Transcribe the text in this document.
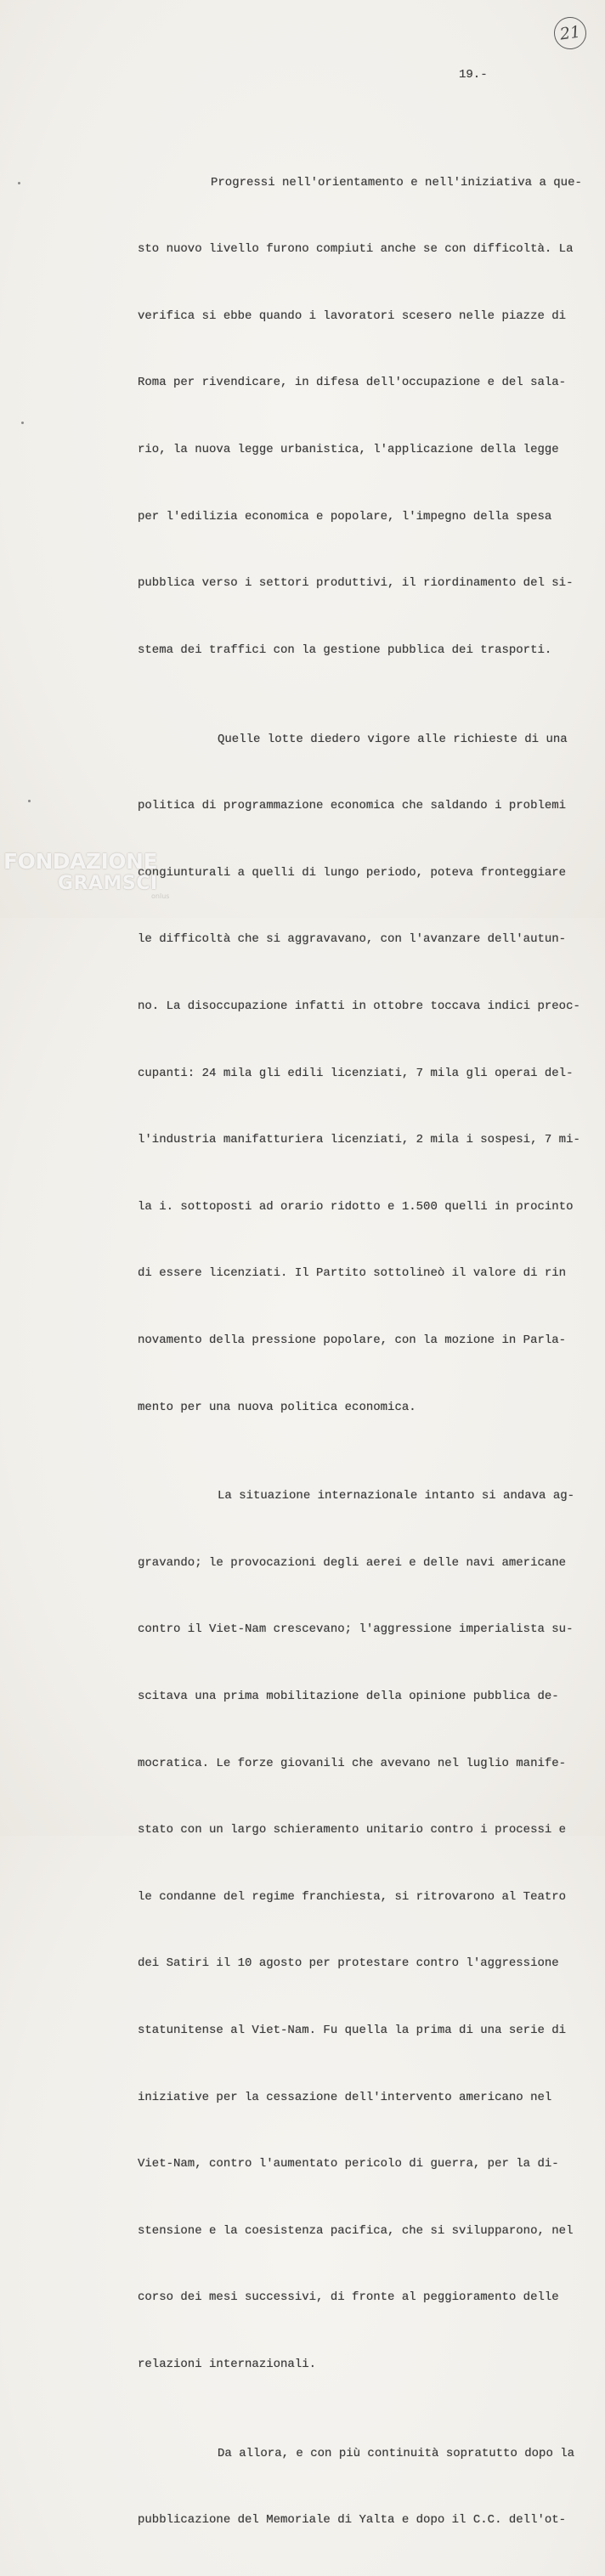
21
19.-

Progressi nell'orientamento e nell'iniziativa a que-

sto nuovo livello furono compiuti anche se con difficoltà. La

verifica si ebbe quando i lavoratori scesero nelle piazze di

Roma per rivendicare, in difesa dell'occupazione e del sala-

rio, la nuova legge urbanistica, l'applicazione della legge

per l'edilizia economica e popolare, l'impegno della spesa

pubblica verso i settori produttivi, il riordinamento del si-

stema dei traffici con la gestione pubblica dei trasporti.

Quelle lotte diedero vigore alle richieste di una

politica di programmazione economica che saldando i problemi

congiunturali a quelli di lungo periodo, poteva fronteggiare

le difficoltà che si aggravavano, con l'avanzare dell'autun-

no. La disoccupazione infatti in ottobre toccava indici preoc-

cupanti: 24 mila gli edili licenziati, 7 mila gli operai del-

l'industria manifatturiera licenziati, 2 mila i sospesi, 7 mi-

la i. sottoposti ad orario ridotto e 1.500 quelli in procinto

di essere licenziati. Il Partito sottolineò il valore di rin

novamento della pressione popolare, con la mozione in Parla-

mento per una nuova politica economica.

La situazione internazionale intanto si andava ag-

gravando; le provocazioni degli aerei e delle navi americane

contro il Viet-Nam crescevano; l'aggressione imperialista su-

scitava una prima mobilitazione della opinione pubblica de-

mocratica. Le forze giovanili che avevano nel luglio manife-

stato con un largo schieramento unitario contro i processi e

le condanne del regime franchiesta, si ritrovarono al Teatro

dei Satiri il 10 agosto per protestare contro l'aggressione

statunitense al Viet-Nam. Fu quella la prima di una serie di

iniziative per la cessazione dell'intervento americano nel

Viet-Nam, contro l'aumentato pericolo di guerra, per la di-

stensione e la coesistenza pacifica, che si svilupparono, nel

corso dei mesi successivi, di fronte al peggioramento delle

relazioni internazionali.

Da allora, e con più continuità sopratutto dopo la

pubblicazione del Memoriale di Yalta e dopo il C.C. dell'ot-

FONDAZIONE
GRAMSCI
onlus
